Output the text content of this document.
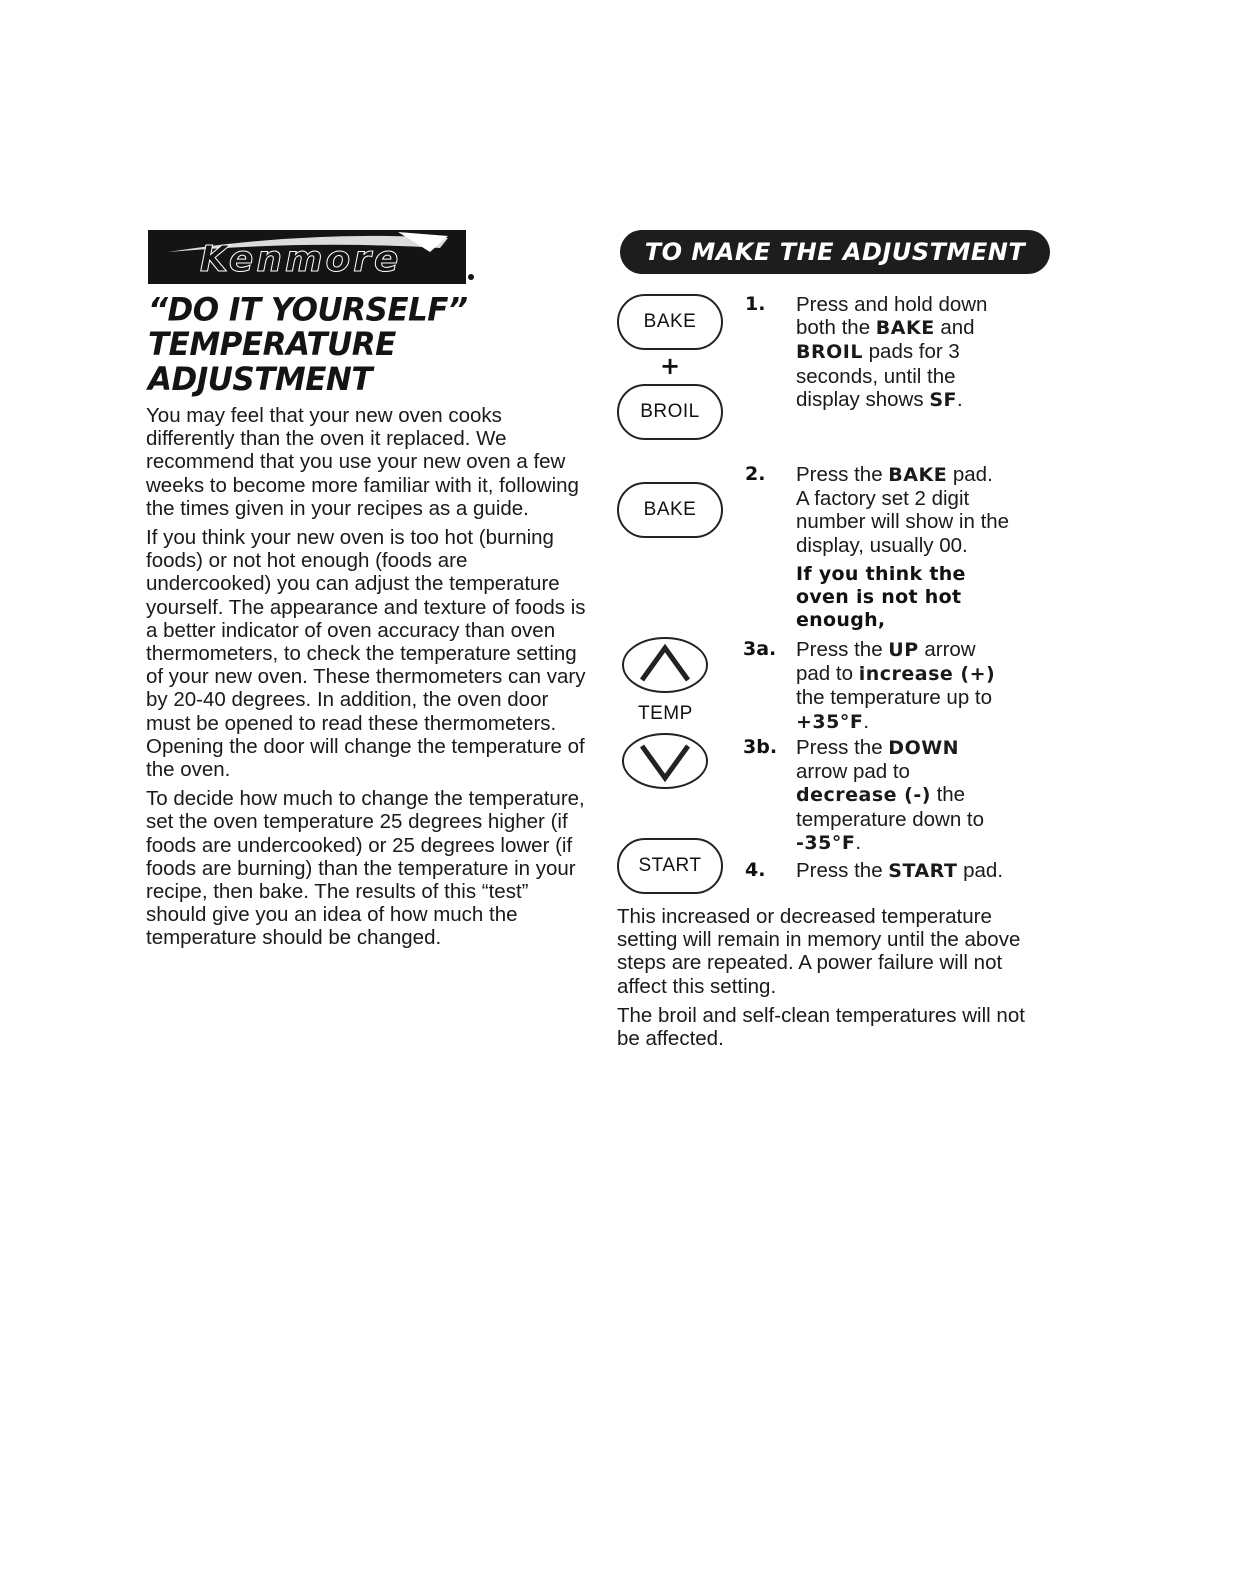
Kenmore
“DO IT YOURSELF”
TEMPERATURE
ADJUSTMENT

You may feel that your new oven cooks differently than the oven it replaced. We recommend that you use your new oven a few weeks to become more familiar with it, following the times given in your recipes as a guide.

If you think your new oven is too hot (burning foods) or not hot enough (foods are undercooked) you can adjust the temperature yourself. The appearance and texture of foods is a better indicator of oven accuracy than oven thermometers, to check the temperature setting of your new oven. These thermometers can vary by 20-40 degrees. In addition, the oven door must be opened to read these thermometers. Opening the door will change the temperature of the oven.

To decide how much to change the temperature, set the oven temperature 25 degrees higher (if foods are undercooked) or 25 degrees lower (if foods are burning) than the temperature in your recipe, then bake. The results of this “test” should give you an idea of how much the temperature should be changed.

TO MAKE THE ADJUSTMENT
BAKE
+
BROIL
BAKE
TEMP
START
1. Press and hold down
both the BAKE and
BROIL pads for 3
seconds, until the
display shows SF.
2. Press the BAKE pad.
A factory set 2 digit
number will show in the
display, usually 00.
If you think the
oven is not hot
enough,
3a. Press the UP arrow
pad to increase (+)
the temperature up to
+35°F.
3b. Press the DOWN
arrow pad to
decrease (-) the
temperature down to
-35°F.
4. Press the START pad.

This increased or decreased temperature setting will remain in memory until the above steps are repeated. A power failure will not affect this setting.

The broil and self-clean temperatures will not be affected.
